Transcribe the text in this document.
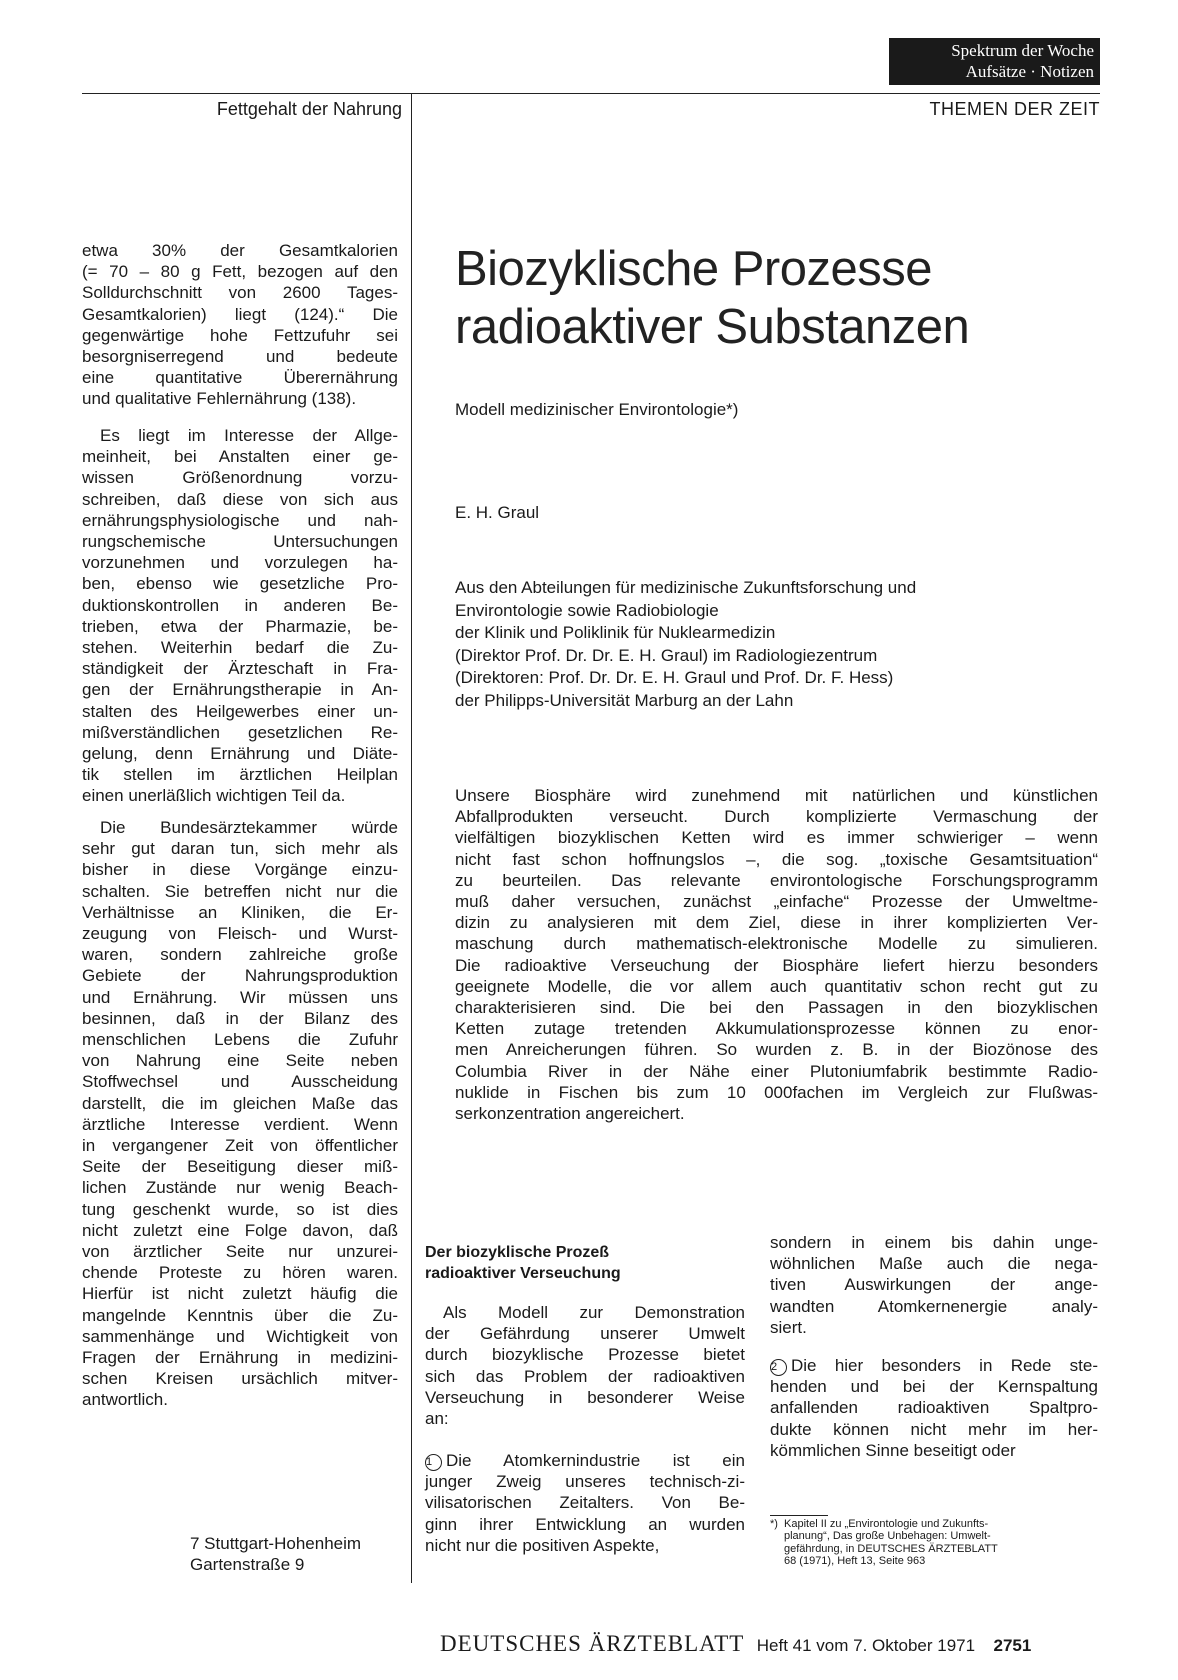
Spektrum der Woche
Aufsätze · Notizen
Fettgehalt der Nahrung	THEMEN DER ZEIT
etwa 30% der Gesamtkalorien
(= 70 – 80 g Fett, bezogen auf den
Solldurchschnitt von 2600 Tages-
Gesamtkalorien) liegt (124).“ Die
gegenwärtige hohe Fettzufuhr sei
besorgniserregend und bedeute
eine quantitative Überernährung
und qualitative Fehlernährung (138).
Es liegt im Interesse der Allge-
meinheit, bei Anstalten einer ge-
wissen Größenordnung vorzu-
schreiben, daß diese von sich aus
ernährungsphysiologische und nah-
rungschemische Untersuchungen
vorzunehmen und vorzulegen ha-
ben, ebenso wie gesetzliche Pro-
duktionskontrollen in anderen Be-
trieben, etwa der Pharmazie, be-
stehen. Weiterhin bedarf die Zu-
ständigkeit der Ärzteschaft in Fra-
gen der Ernährungstherapie in An-
stalten des Heilgewerbes einer un-
mißverständlichen gesetzlichen Re-
gelung, denn Ernährung und Diäte-
tik stellen im ärztlichen Heilplan
einen unerläßlich wichtigen Teil da.
Die Bundesärztekammer würde
sehr gut daran tun, sich mehr als
bisher in diese Vorgänge einzu-
schalten. Sie betreffen nicht nur die
Verhältnisse an Kliniken, die Er-
zeugung von Fleisch- und Wurst-
waren, sondern zahlreiche große
Gebiete der Nahrungsproduktion
und Ernährung. Wir müssen uns
besinnen, daß in der Bilanz des
menschlichen Lebens die Zufuhr
von Nahrung eine Seite neben
Stoffwechsel und Ausscheidung
darstellt, die im gleichen Maße das
ärztliche Interesse verdient. Wenn
in vergangener Zeit von öffentlicher
Seite der Beseitigung dieser miß-
lichen Zustände nur wenig Beach-
tung geschenkt wurde, so ist dies
nicht zuletzt eine Folge davon, daß
von ärztlicher Seite nur unzurei-
chende Proteste zu hören waren.
Hierfür ist nicht zuletzt häufig die
mangelnde Kenntnis über die Zu-
sammenhänge und Wichtigkeit von
Fragen der Ernährung in medizini-
schen Kreisen ursächlich mitver-
antwortlich.
7 Stuttgart-Hohenheim
Gartenstraße 9
Biozyklische Prozesse
radioaktiver Substanzen
Modell medizinischer Environtologie*)
E. H. Graul
Aus den Abteilungen für medizinische Zukunftsforschung und
Environtologie sowie Radiobiologie
der Klinik und Poliklinik für Nuklearmedizin
(Direktor Prof. Dr. Dr. E. H. Graul) im Radiologiezentrum
(Direktoren: Prof. Dr. Dr. E. H. Graul und Prof. Dr. F. Hess)
der Philipps-Universität Marburg an der Lahn
Unsere Biosphäre wird zunehmend mit natürlichen und künstlichen
Abfallprodukten verseucht. Durch komplizierte Vermaschung der
vielfältigen biozyklischen Ketten wird es immer schwieriger – wenn
nicht fast schon hoffnungslos –, die sog. „toxische Gesamtsituation“
zu beurteilen. Das relevante environtologische Forschungsprogramm
muß daher versuchen, zunächst „einfache“ Prozesse der Umweltme-
dizin zu analysieren mit dem Ziel, diese in ihrer komplizierten Ver-
maschung durch mathematisch-elektronische Modelle zu simulieren.
Die radioaktive Verseuchung der Biosphäre liefert hierzu besonders
geeignete Modelle, die vor allem auch quantitativ schon recht gut zu
charakterisieren sind. Die bei den Passagen in den biozyklischen
Ketten zutage tretenden Akkumulationsprozesse können zu enor-
men Anreicherungen führen. So wurden z. B. in der Biozönose des
Columbia River in der Nähe einer Plutoniumfabrik bestimmte Radio-
nuklide in Fischen bis zum 10 000fachen im Vergleich zur Flußwas-
serkonzentration angereichert.
Der biozyklische Prozeß
radioaktiver Verseuchung
Als Modell zur Demonstration
der Gefährdung unserer Umwelt
durch biozyklische Prozesse bietet
sich das Problem der radioaktiven
Verseuchung in besonderer Weise
an:
1 Die Atomkernindustrie ist ein
junger Zweig unseres technisch-zi-
vilisatorischen Zeitalters. Von Be-
ginn ihrer Entwicklung an wurden
nicht nur die positiven Aspekte,
sondern in einem bis dahin unge-
wöhnlichen Maße auch die nega-
tiven Auswirkungen der ange-
wandten Atomkernenergie analy-
siert.
2 Die hier besonders in Rede ste-
henden und bei der Kernspaltung
anfallenden radioaktiven Spaltpro-
dukte können nicht mehr im her-
kömmlichen Sinne beseitigt oder
*) Kapitel II zu „Environtologie und Zukunfts-
planung“, Das große Unbehagen: Umwelt-
gefährdung, in DEUTSCHES ÄRZTEBLATT
68 (1971), Heft 13, Seite 963
DEUTSCHES ÄRZTEBLATT Heft 41 vom 7. Oktober 1971 2751
